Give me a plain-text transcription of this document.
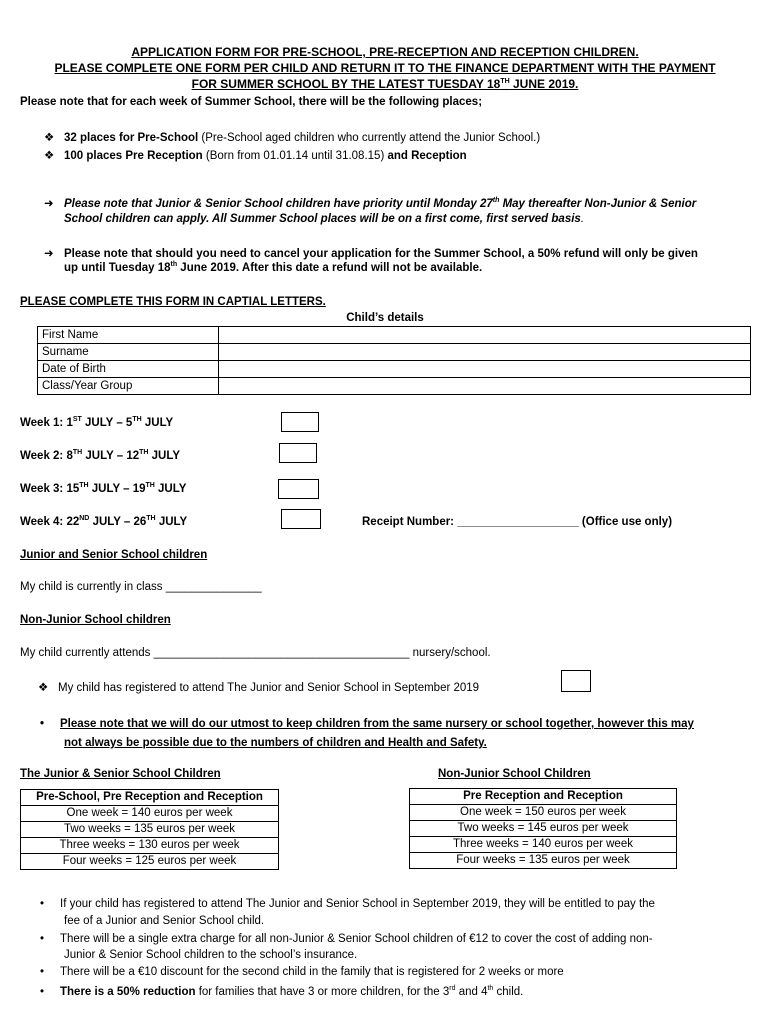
APPLICATION FORM FOR PRE-SCHOOL, PRE-RECEPTION AND RECEPTION CHILDREN.
PLEASE COMPLETE ONE FORM PER CHILD AND RETURN IT TO THE FINANCE DEPARTMENT WITH THE PAYMENT
FOR SUMMER SCHOOL BY THE LATEST TUESDAY 18TH JUNE 2019.
Please note that for each week of Summer School, there will be the following places;
❖ 32 places for Pre-School (Pre-School aged children who currently attend the Junior School.)
❖ 100 places Pre Reception (Born from 01.01.14 until 31.08.15) and Reception
➜ Please note that Junior & Senior School children have priority until Monday 27th May thereafter Non-Junior & Senior
School children can apply. All Summer School places will be on a first come, first served basis.
➜ Please note that should you need to cancel your application for the Summer School, a 50% refund will only be given
up until Tuesday 18th June 2019. After this date a refund will not be available.
PLEASE COMPLETE THIS FORM IN CAPTIAL LETTERS.
Child’s details
First Name	
Surname	
Date of Birth	
Class/Year Group	
Week 1: 1ST JULY – 5TH JULY
Week 2: 8TH JULY – 12TH JULY
Week 3: 15TH JULY – 19TH JULY
Week 4: 22ND JULY – 26TH JULY	Receipt Number: ___________________ (Office use only)
Junior and Senior School children
My child is currently in class _______________
Non-Junior School children
My child currently attends ________________________________________ nursery/school.
❖ My child has registered to attend The Junior and Senior School in September 2019
• Please note that we will do our utmost to keep children from the same nursery or school together, however this may
not always be possible due to the numbers of children and Health and Safety.
The Junior & Senior School Children	Non-Junior School Children
Pre-School, Pre Reception and Reception
One week = 140 euros per week
Two weeks = 135 euros per week
Three weeks = 130 euros per week
Four weeks = 125 euros per week
Pre Reception and Reception
One week = 150 euros per week
Two weeks = 145 euros per week
Three weeks = 140 euros per week
Four weeks = 135 euros per week
• If your child has registered to attend The Junior and Senior School in September 2019, they will be entitled to pay the
fee of a Junior and Senior School child.
• There will be a single extra charge for all non-Junior & Senior School children of €12 to cover the cost of adding non-
Junior & Senior School children to the school’s insurance.
• There will be a €10 discount for the second child in the family that is registered for 2 weeks or more
• There is a 50% reduction for families that have 3 or more children, for the 3rd and 4th child.
